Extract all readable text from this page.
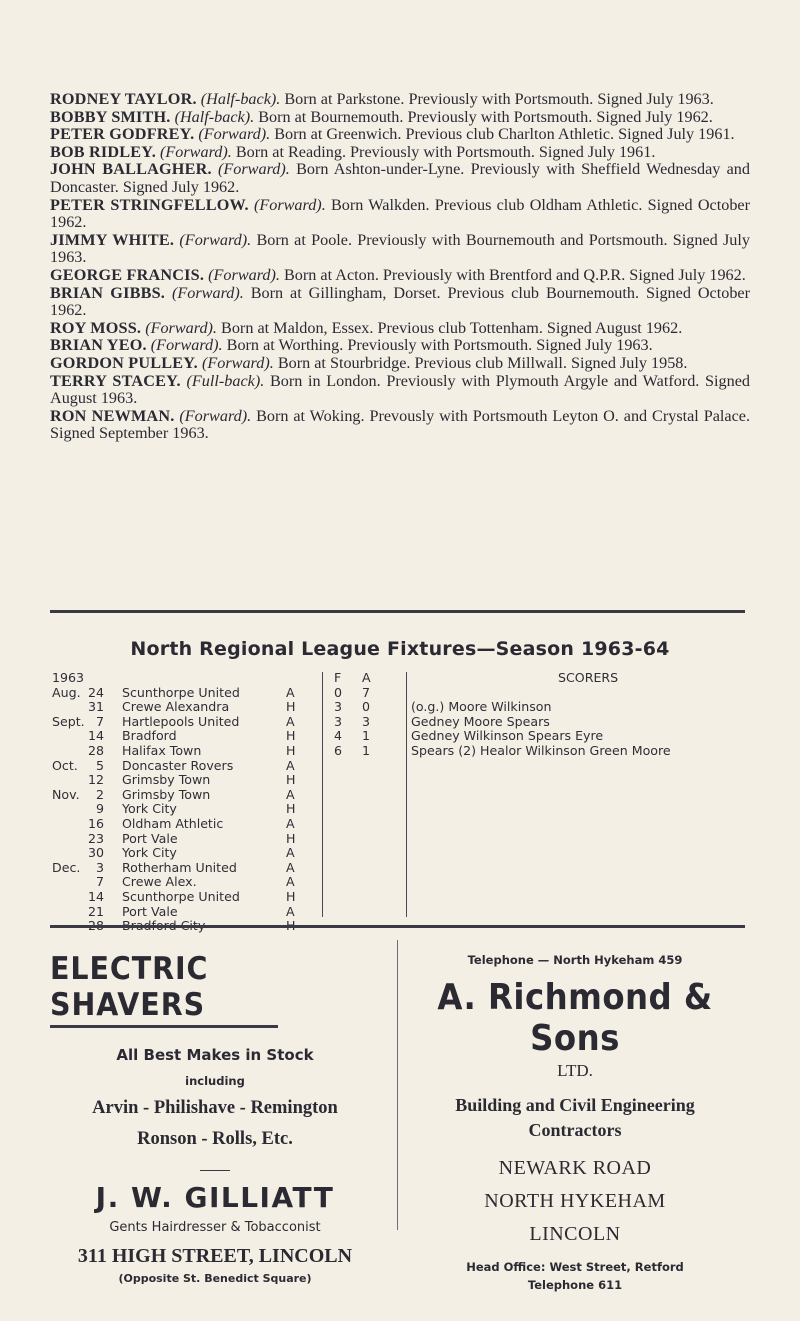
RODNEY TAYLOR. (Half-back). Born at Parkstone. Previously with Portsmouth. Signed July 1963.
BOBBY SMITH. (Half-back). Born at Bournemouth. Previously with Portsmouth. Signed July 1962.
PETER GODFREY. (Forward). Born at Greenwich. Previous club Charlton Athletic. Signed July 1961.
BOB RIDLEY. (Forward). Born at Reading. Previously with Portsmouth. Signed July 1961.
JOHN BALLAGHER. (Forward). Born Ashton-under-Lyne. Previously with Sheffield Wednesday and Doncaster. Signed July 1962.
PETER STRINGFELLOW. (Forward). Born Walkden. Previous club Oldham Athletic. Signed October 1962.
JIMMY WHITE. (Forward). Born at Poole. Previously with Bournemouth and Portsmouth. Signed July 1963.
GEORGE FRANCIS. (Forward). Born at Acton. Previously with Brentford and Q.P.R. Signed July 1962.
BRIAN GIBBS. (Forward). Born at Gillingham, Dorset. Previous club Bournemouth. Signed October 1962.
ROY MOSS. (Forward). Born at Maldon, Essex. Previous club Tottenham. Signed August 1962.
BRIAN YEO. (Forward). Born at Worthing. Previously with Portsmouth. Signed July 1963.
GORDON PULLEY. (Forward). Born at Stourbridge. Previous club Millwall. Signed July 1958.
TERRY STACEY. (Full-back). Born in London. Previously with Plymouth Argyle and Watford. Signed August 1963.
RON NEWMAN. (Forward). Born at Woking. Prevously with Portsmouth Leyton O. and Crystal Palace. Signed September 1963.
North Regional League Fixtures—Season 1963-64
1963	F A	SCORERS
Aug. 24 Scunthorpe United	A	0 7
31 Crewe Alexandra	H	3 0	(o.g.) Moore Wilkinson
Sept. 7 Hartlepools United	A	3 3	Gedney Moore Spears
14 Bradford	H	4 1	Gedney Wilkinson Spears Eyre
28 Halifax Town	H	6 1	Spears (2) Healor Wilkinson Green Moore
Oct.	5 Doncaster Rovers	A
12 Grimsby Town	H
Nov.	2 Grimsby Town	A
9 York City	H
16 Oldham Athletic	A
23 Port Vale	H
30 York City	A
Dec.	3 Rotherham United	A
7 Crewe Alex.	A
14 Scunthorpe United	H
21 Port Vale	A
ELECTRIC SHAVERS
All Best Makes in Stock
including
Arvin - Philishave - Remington
Ronson - Rolls, Etc.
J. W. GILLIATT
Gents Hairdresser & Tobacconist
311 HIGH STREET, LINCOLN
(Opposite St. Benedict Square)
Telephone — North Hykeham 459
A. Richmond & Sons
LTD.
Building and Civil Engineering
Contractors
NEWARK ROAD
NORTH HYKEHAM
LINCOLN
Head Office: West Street, Retford
Telephone 611
